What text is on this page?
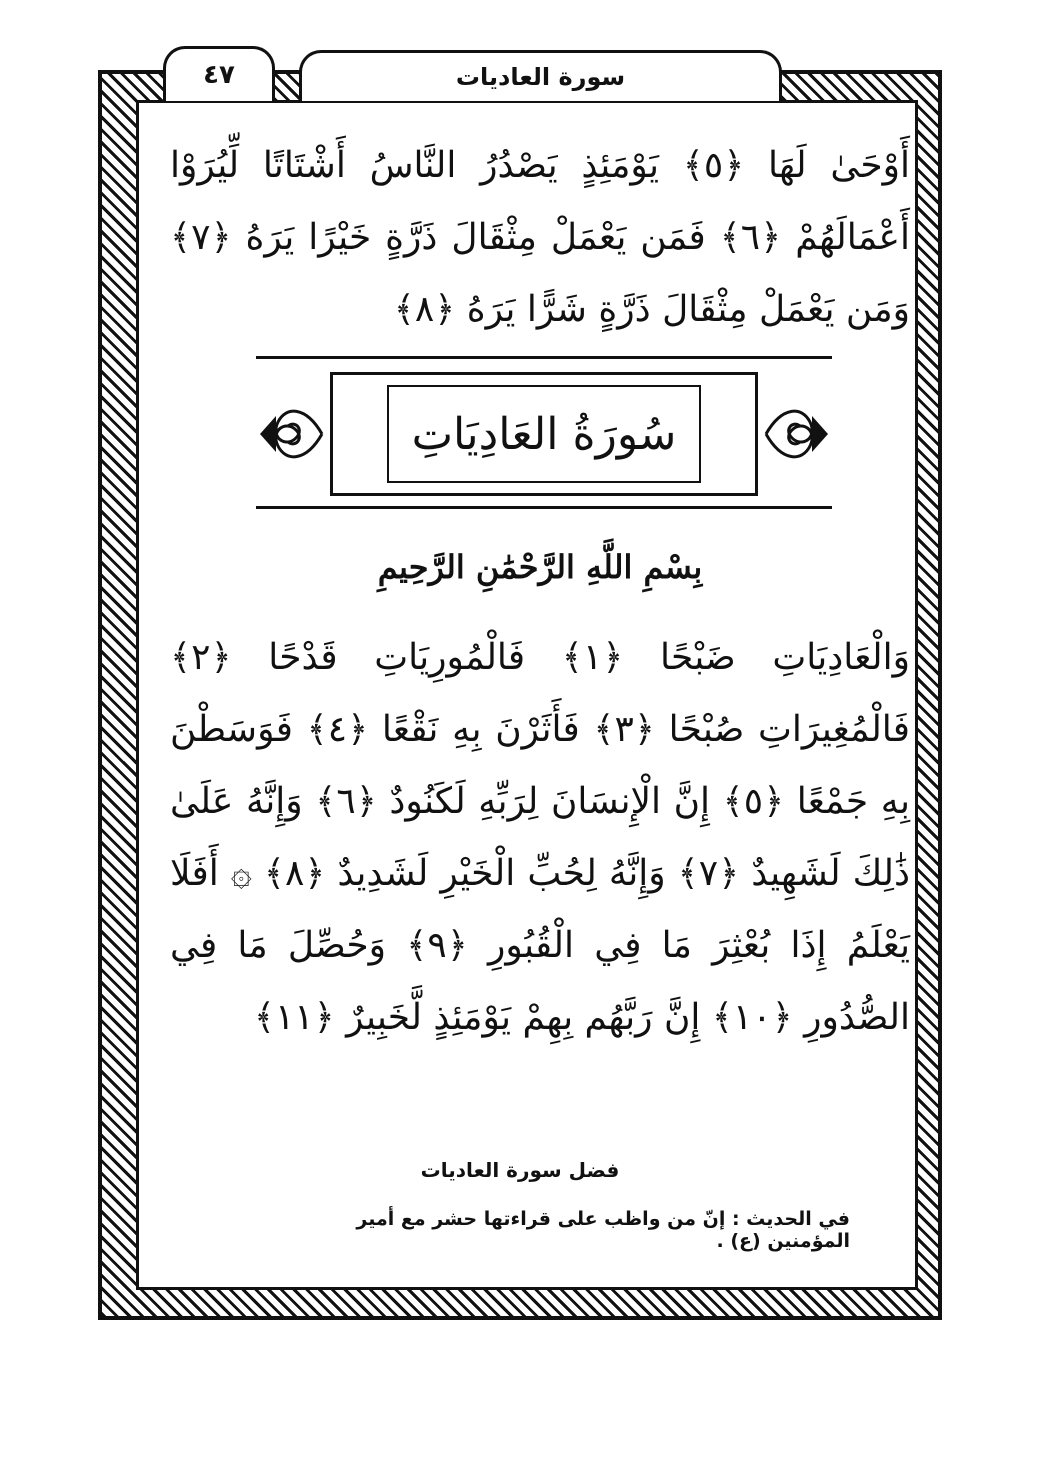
٤٧	سورة العاديات
أَوْحَىٰ لَهَا ﴿٥﴾ يَوْمَئِذٍ يَصْدُرُ النَّاسُ أَشْتَاتًا لِّيُرَوْا أَعْمَالَهُمْ ﴿٦﴾ فَمَن يَعْمَلْ مِثْقَالَ ذَرَّةٍ خَيْرًا يَرَهُ ﴿٧﴾ وَمَن يَعْمَلْ مِثْقَالَ ذَرَّةٍ شَرًّا يَرَهُ ﴿٨﴾
سُورَةُ العَادِيَاتِ
بِسْمِ اللَّهِ الرَّحْمَٰنِ الرَّحِيمِ
وَالْعَادِيَاتِ ضَبْحًا ﴿١﴾ فَالْمُورِيَاتِ قَدْحًا ﴿٢﴾ فَالْمُغِيرَاتِ صُبْحًا ﴿٣﴾ فَأَثَرْنَ بِهِ نَقْعًا ﴿٤﴾ فَوَسَطْنَ بِهِ جَمْعًا ﴿٥﴾ إِنَّ الْإِنسَانَ لِرَبِّهِ لَكَنُودٌ ﴿٦﴾ وَإِنَّهُ عَلَىٰ ذَٰلِكَ لَشَهِيدٌ ﴿٧﴾ وَإِنَّهُ لِحُبِّ الْخَيْرِ لَشَدِيدٌ ﴿٨﴾ ۞ أَفَلَا يَعْلَمُ إِذَا بُعْثِرَ مَا فِي الْقُبُورِ ﴿٩﴾ وَحُصِّلَ مَا فِي الصُّدُورِ ﴿١٠﴾ إِنَّ رَبَّهُم بِهِمْ يَوْمَئِذٍ لَّخَبِيرٌ ﴿١١﴾
فضل سورة العاديات
في الحديث : إنّ من واظب على قراءتها حشر مع أمير المؤمنين (ع) .
